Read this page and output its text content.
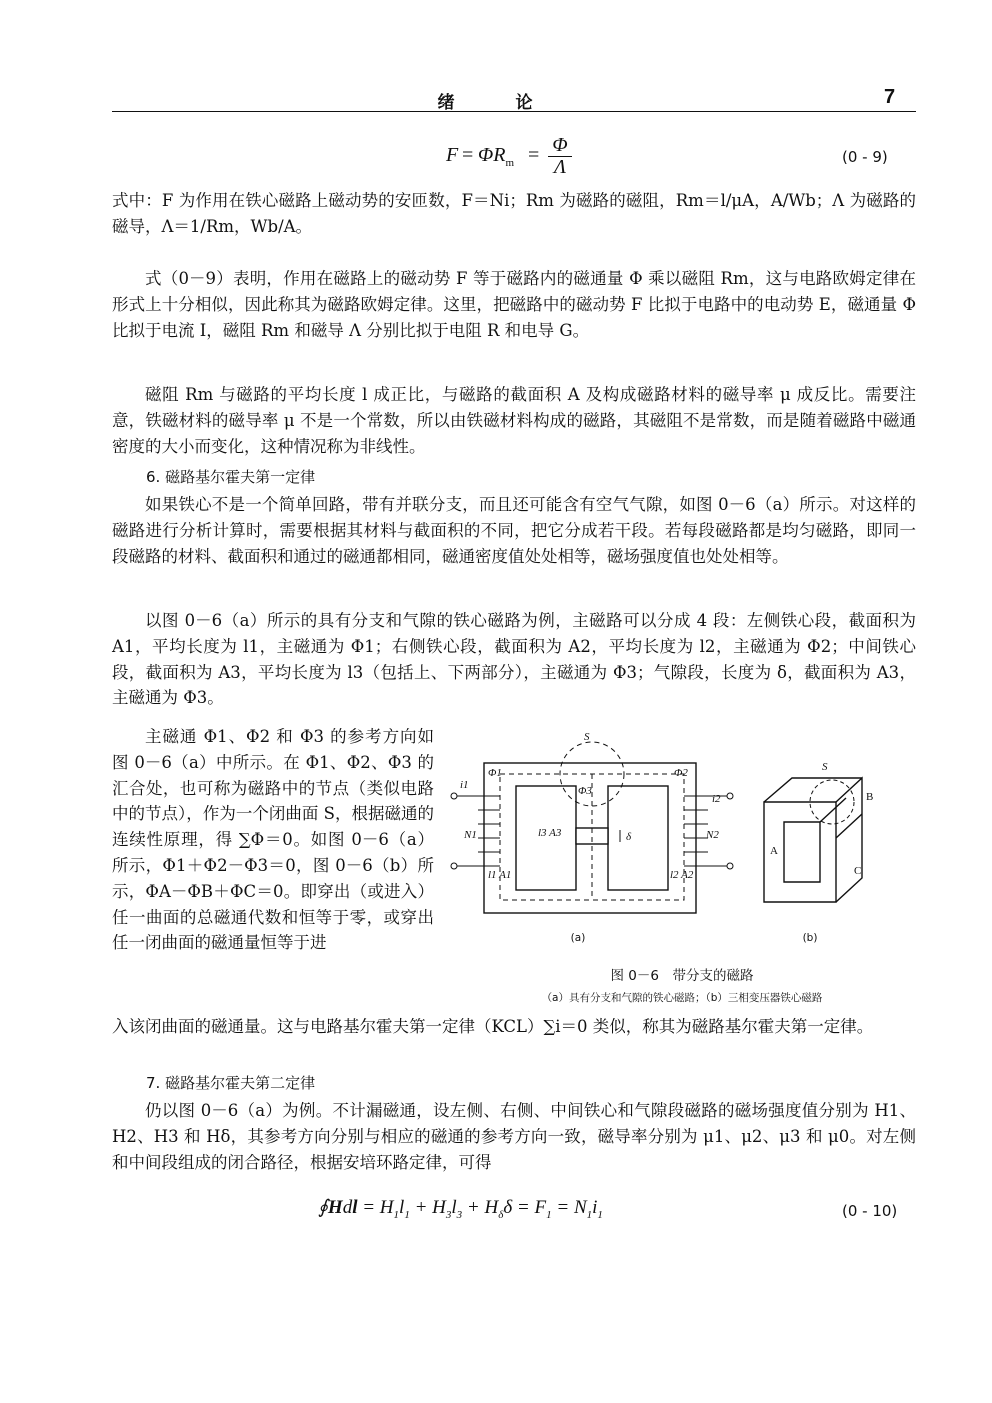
绪　论	7
$F = \Phi R_m = \Phi$
Λ	(0 - 9)

式中：F 为作用在铁心磁路上磁动势的安匝数，F＝Ni；Rm 为磁路的磁阻，Rm＝l/μA，A/Wb；Λ 为磁路的磁导，Λ＝1/Rm，Wb/A。

式（0－9）表明，作用在磁路上的磁动势 F 等于磁路内的磁通量 Φ 乘以磁阻 Rm，这与电路欧姆定律在形式上十分相似，因此称其为磁路欧姆定律。这里，把磁路中的磁动势 F 比拟于电路中的电动势 E，磁通量 Φ 比拟于电流 I，磁阻 Rm 和磁导 Λ 分别比拟于电阻 R 和电导 G。

磁阻 Rm 与磁路的平均长度 l 成正比，与磁路的截面积 A 及构成磁路材料的磁导率 μ 成反比。需要注意，铁磁材料的磁导率 μ 不是一个常数，所以由铁磁材料构成的磁路，其磁阻不是常数，而是随着磁路中磁通密度的大小而变化，这种情况称为非线性。

6. 磁路基尔霍夫第一定律

如果铁心不是一个简单回路，带有并联分支，而且还可能含有空气气隙，如图 0－6（a）所示。对这样的磁路进行分析计算时，需要根据其材料与截面积的不同，把它分成若干段。若每段磁路都是均匀磁路，即同一段磁路的材料、截面积和通过的磁通都相同，磁通密度值处处相等，磁场强度值也处处相等。

以图 0－6（a）所示的具有分支和气隙的铁心磁路为例，主磁路可以分成 4 段：左侧铁心段，截面积为 A1，平均长度为 l1，主磁通为 Φ1；右侧铁心段，截面积为 A2，平均长度为 l2，主磁通为 Φ2；中间铁心段，截面积为 A3，平均长度为 l3（包括上、下两部分），主磁通为 Φ3；气隙段，长度为 δ，截面积为 A3，主磁通为 Φ3。

主磁通 Φ1、Φ2 和 Φ3 的参考方向如图 0－6（a）中所示。在 Φ1、Φ2、Φ3 的汇合处，也可称为磁路中的节点（类似电路中的节点），作为一个闭曲面 S，根据磁通的连续性原理，得 ∑Φ＝0。如图 0－6（a）所示，Φ1＋Φ2－Φ3＝0，图 0－6（b）所示，ΦA－ΦB＋ΦC＝0。即穿出（或进入）任一曲面的总磁通代数和恒等于零，或穿出任一闭曲面的磁通量恒等于进

S
Φ1	Φ2
Φ3
i1
i2
N1	N2
l3 A3	δ
l1 A1	l2 A2
S
A
B
C
(a)	(b)
图 0－6　带分支的磁路
（a）具有分支和气隙的铁心磁路；（b）三相变压器铁心磁路

入该闭曲面的磁通量。这与电路基尔霍夫第一定律（KCL）∑i＝0 类似，称其为磁路基尔霍夫第一定律。

7. 磁路基尔霍夫第二定律

仍以图 0－6（a）为例。不计漏磁通，设左侧、右侧、中间铁心和气隙段磁路的磁场强度值分别为 H1、H2、H3 和 Hδ，其参考方向分别与相应的磁通的参考方向一致，磁导率分别为 μ1、μ2、μ3 和 μ0。对左侧和中间段组成的闭合路径，根据安培环路定律，可得

∮Hdl = $H_1l_1 + H_3l_3 + H_\delta\delta = F_1 = N_1i_1$	(0 - 10)
